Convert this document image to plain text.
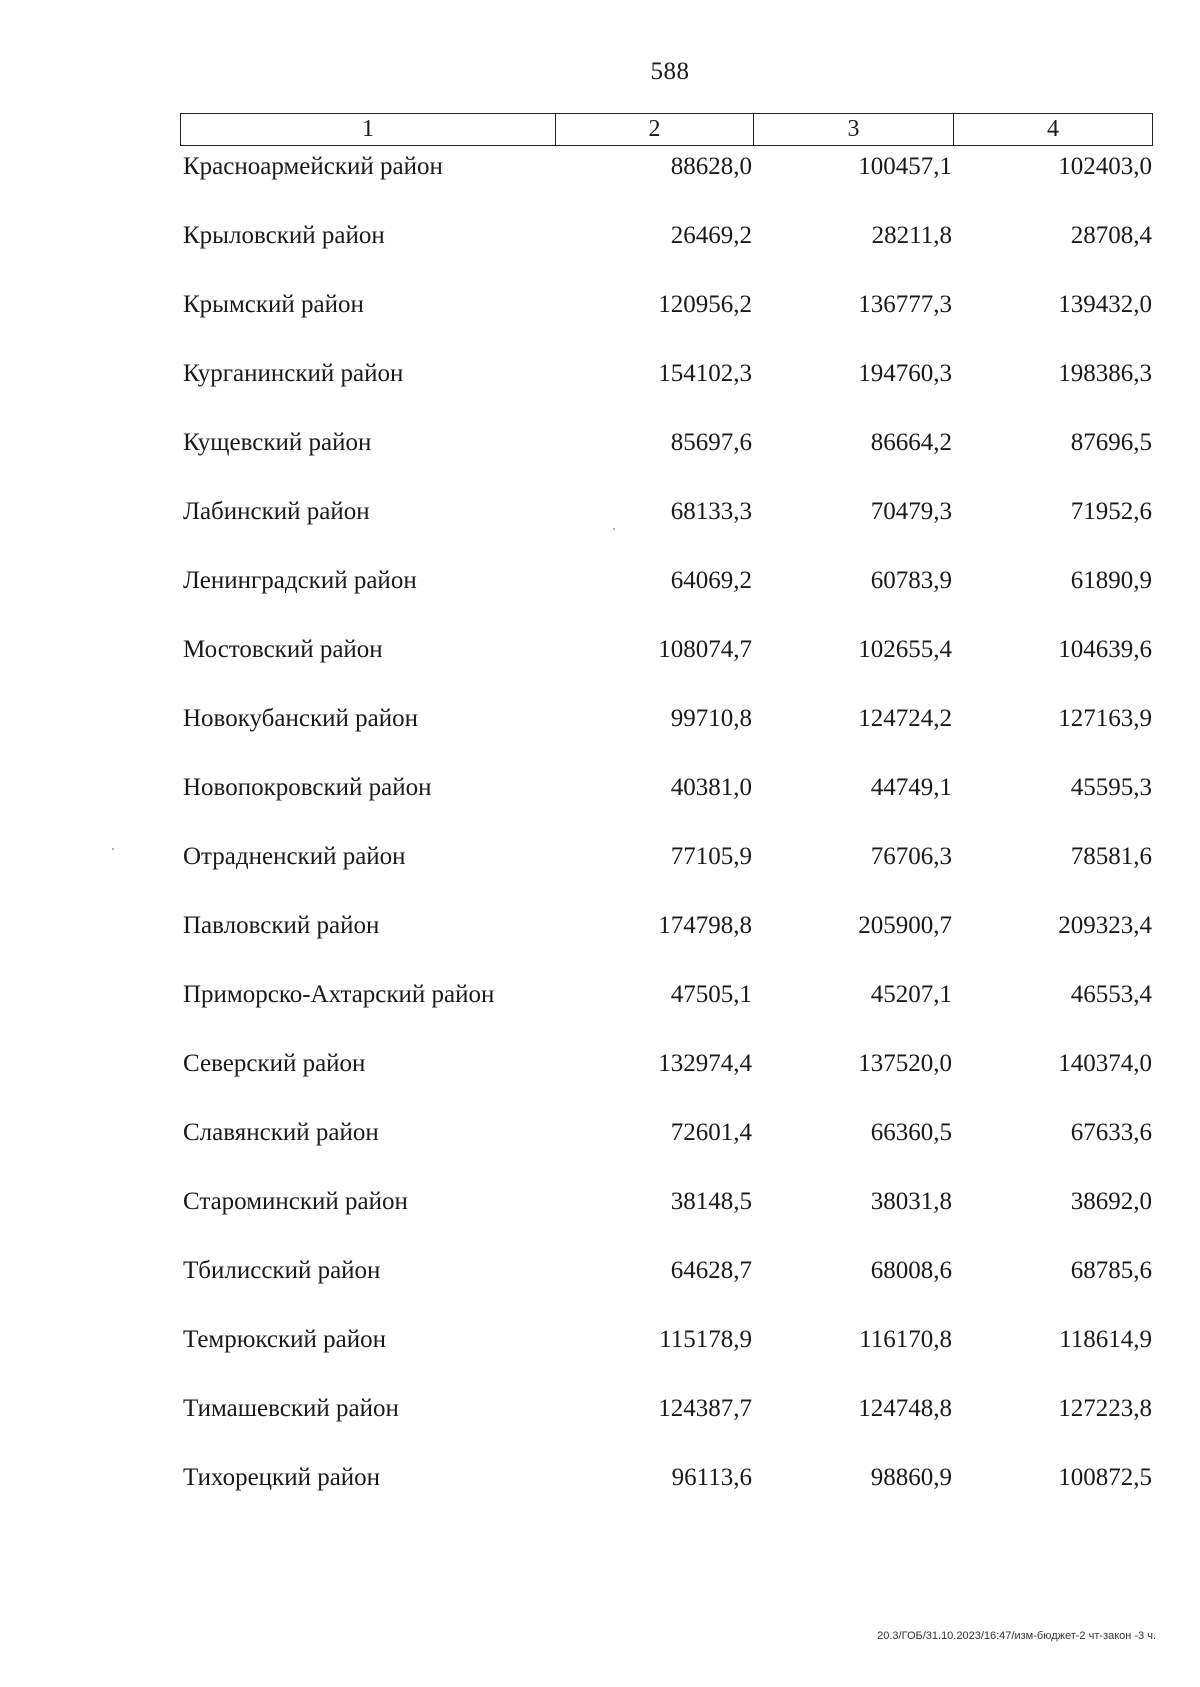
588
1	2	3	4
Красноармейский район	88628,0	100457,1	102403,0
Крыловский район	26469,2	28211,8	28708,4
Крымский район	120956,2	136777,3	139432,0
Курганинский район	154102,3	194760,3	198386,3
Кущевский район	85697,6	86664,2	87696,5
Лабинский район	68133,3	70479,3	71952,6
Ленинградский район	64069,2	60783,9	61890,9
Мостовский район	108074,7	102655,4	104639,6
Новокубанский район	99710,8	124724,2	127163,9
Новопокровский район	40381,0	44749,1	45595,3
Отрадненский район	77105,9	76706,3	78581,6
Павловский район	174798,8	205900,7	209323,4
Приморско-Ахтарский район	47505,1	45207,1	46553,4
Северский район	132974,4	137520,0	140374,0
Славянский район	72601,4	66360,5	67633,6
Староминский район	38148,5	38031,8	38692,0
Тбилисский район	64628,7	68008,6	68785,6
Темрюкский район	115178,9	116170,8	118614,9
Тимашевский район	124387,7	124748,8	127223,8
Тихорецкий район	96113,6	98860,9	100872,5
20.3/ГОБ/31.10.2023/16:47/изм-бюджет-2 чт-закон -3 ч.
